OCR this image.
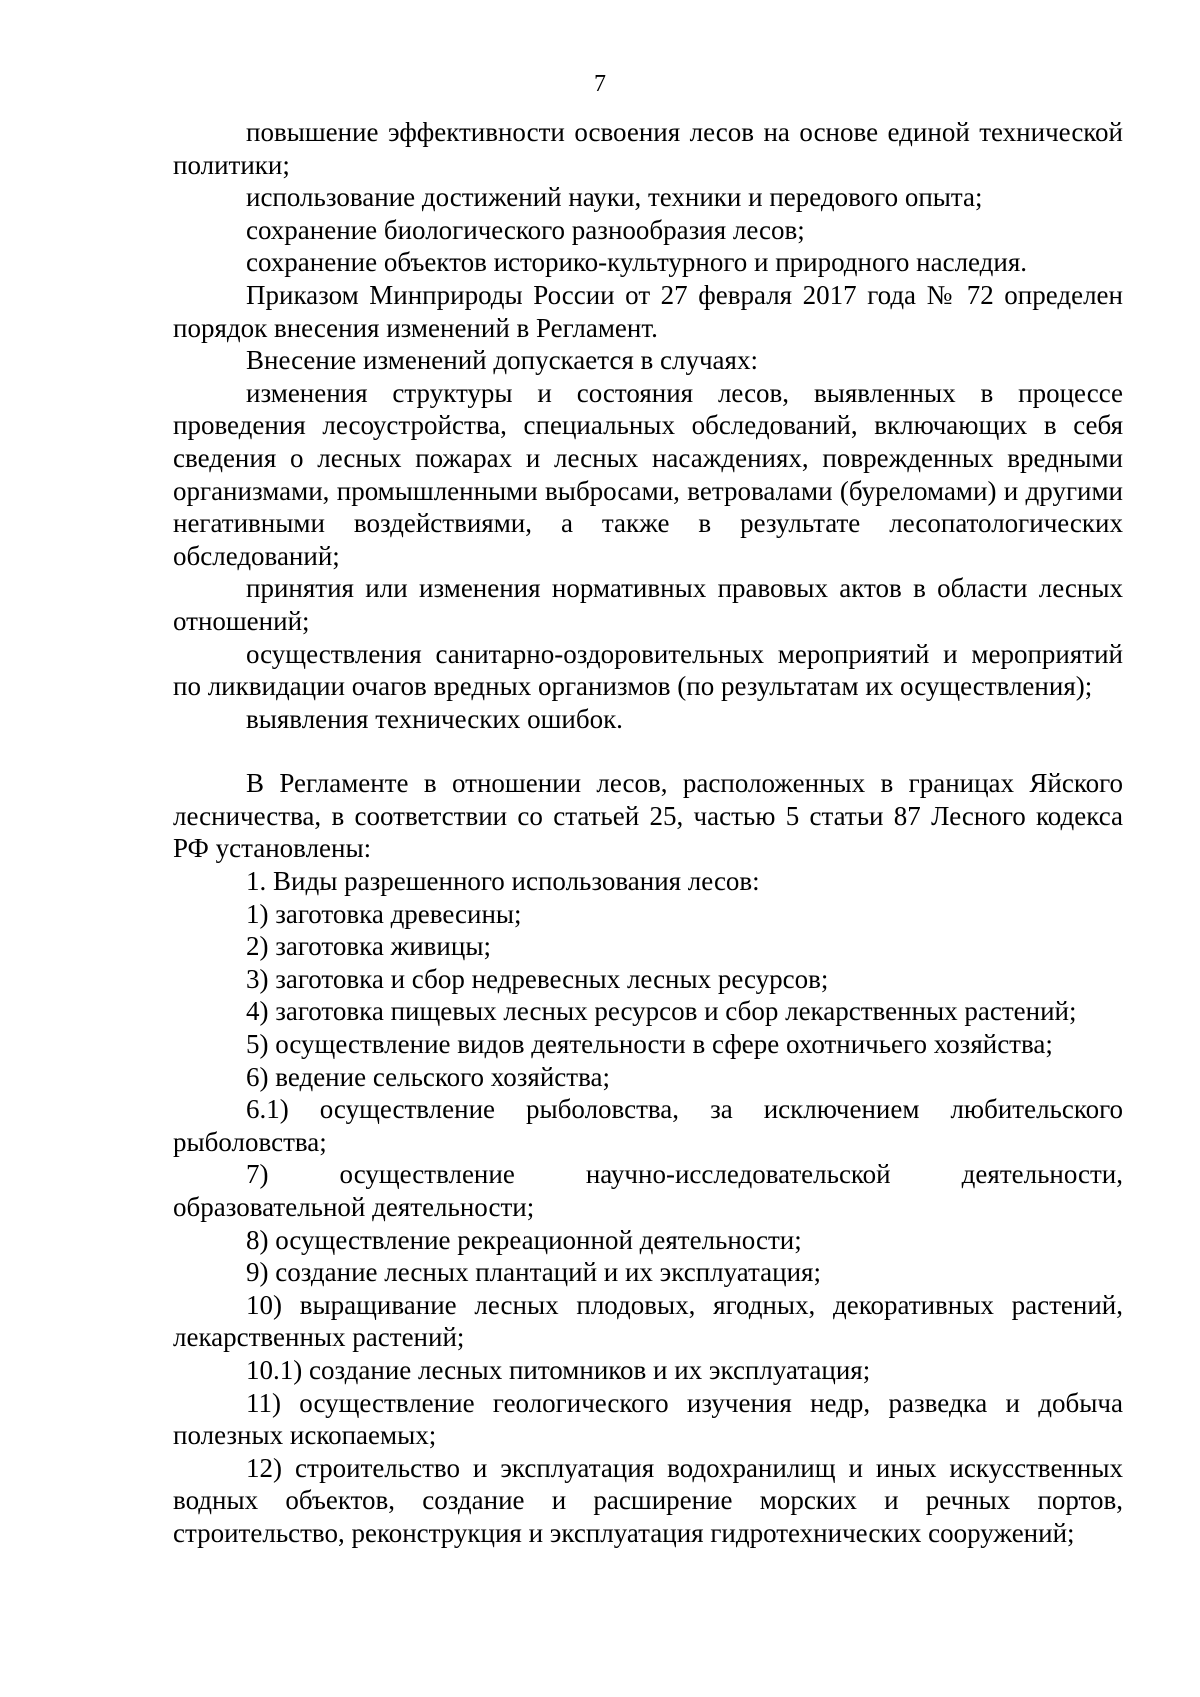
7

повышение эффективности освоения лесов на основе единой технической политики;

использование достижений науки, техники и передового опыта;

сохранение биологического разнообразия лесов;

сохранение объектов историко-культурного и природного наследия.

Приказом Минприроды России от 27 февраля 2017 года № 72 определен порядок внесения изменений в Регламент.

Внесение изменений допускается в случаях:

изменения структуры и состояния лесов, выявленных в процессе проведения лесоустройства, специальных обследований, включающих в себя сведения о лесных пожарах и лесных насаждениях, поврежденных вредными организмами, промышленными выбросами, ветровалами (буреломами) и другими негативными воздействиями, а также в результате лесопатологических обследований;

принятия или изменения нормативных правовых актов в области лесных отношений;

осуществления санитарно-оздоровительных мероприятий и мероприятий по ликвидации очагов вредных организмов (по результатам их осуществления);

выявления технических ошибок.

В Регламенте в отношении лесов, расположенных в границах Яйского лесничества, в соответствии со статьей 25, частью 5 статьи 87 Лесного кодекса РФ установлены:

1. Виды разрешенного использования лесов:

1) заготовка древесины;

2) заготовка живицы;

3) заготовка и сбор недревесных лесных ресурсов;

4) заготовка пищевых лесных ресурсов и сбор лекарственных растений;

5) осуществление видов деятельности в сфере охотничьего хозяйства;

6) ведение сельского хозяйства;

6.1) осуществление рыболовства, за исключением любительского рыболовства;

7) осуществление научно-исследовательской деятельности, образовательной деятельности;

8) осуществление рекреационной деятельности;

9) создание лесных плантаций и их эксплуатация;

10) выращивание лесных плодовых, ягодных, декоративных растений, лекарственных растений;

10.1) создание лесных питомников и их эксплуатация;

11) осуществление геологического изучения недр, разведка и добыча полезных ископаемых;

12) строительство и эксплуатация водохранилищ и иных искусственных водных объектов, создание и расширение морских и речных портов, строительство, реконструкция и эксплуатация гидротехнических сооружений;
